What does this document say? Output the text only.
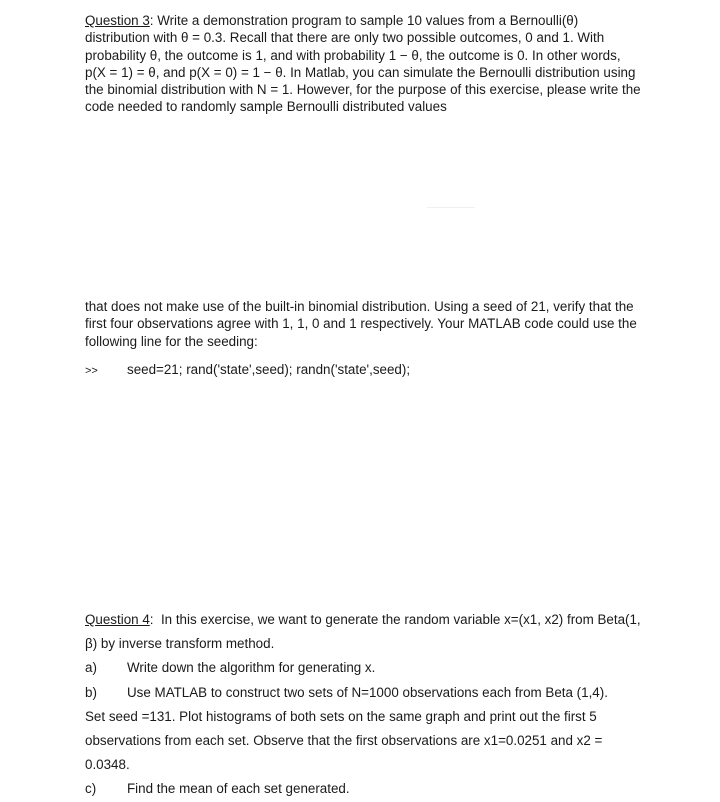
Question 3: Write a demonstration program to sample 10 values from a Bernoulli(θ) distribution with θ = 0.3. Recall that there are only two possible outcomes, 0 and 1. With probability θ, the outcome is 1, and with probability 1 − θ, the outcome is 0. In other words, p(X = 1) = θ, and p(X = 0) = 1 − θ. In Matlab, you can simulate the Bernoulli distribution using the binomial distribution with N = 1. However, for the purpose of this exercise, please write the code needed to randomly sample Bernoulli distributed values
that does not make use of the built-in binomial distribution. Using a seed of 21, verify that the first four observations agree with 1, 1, 0 and 1 respectively. Your MATLAB code could use the following line for the seeding:
>> seed=21; rand('state',seed); randn('state',seed);
Question 4: In this exercise, we want to generate the random variable x=(x1, x2) from Beta(1, β) by inverse transform method.
a) Write down the algorithm for generating x.
b) Use MATLAB to construct two sets of N=1000 observations each from Beta (1,4).
Set seed =131. Plot histograms of both sets on the same graph and print out the first 5 observations from each set. Observe that the first observations are x1=0.0251 and x2 = 0.0348.
c) Find the mean of each set generated.
